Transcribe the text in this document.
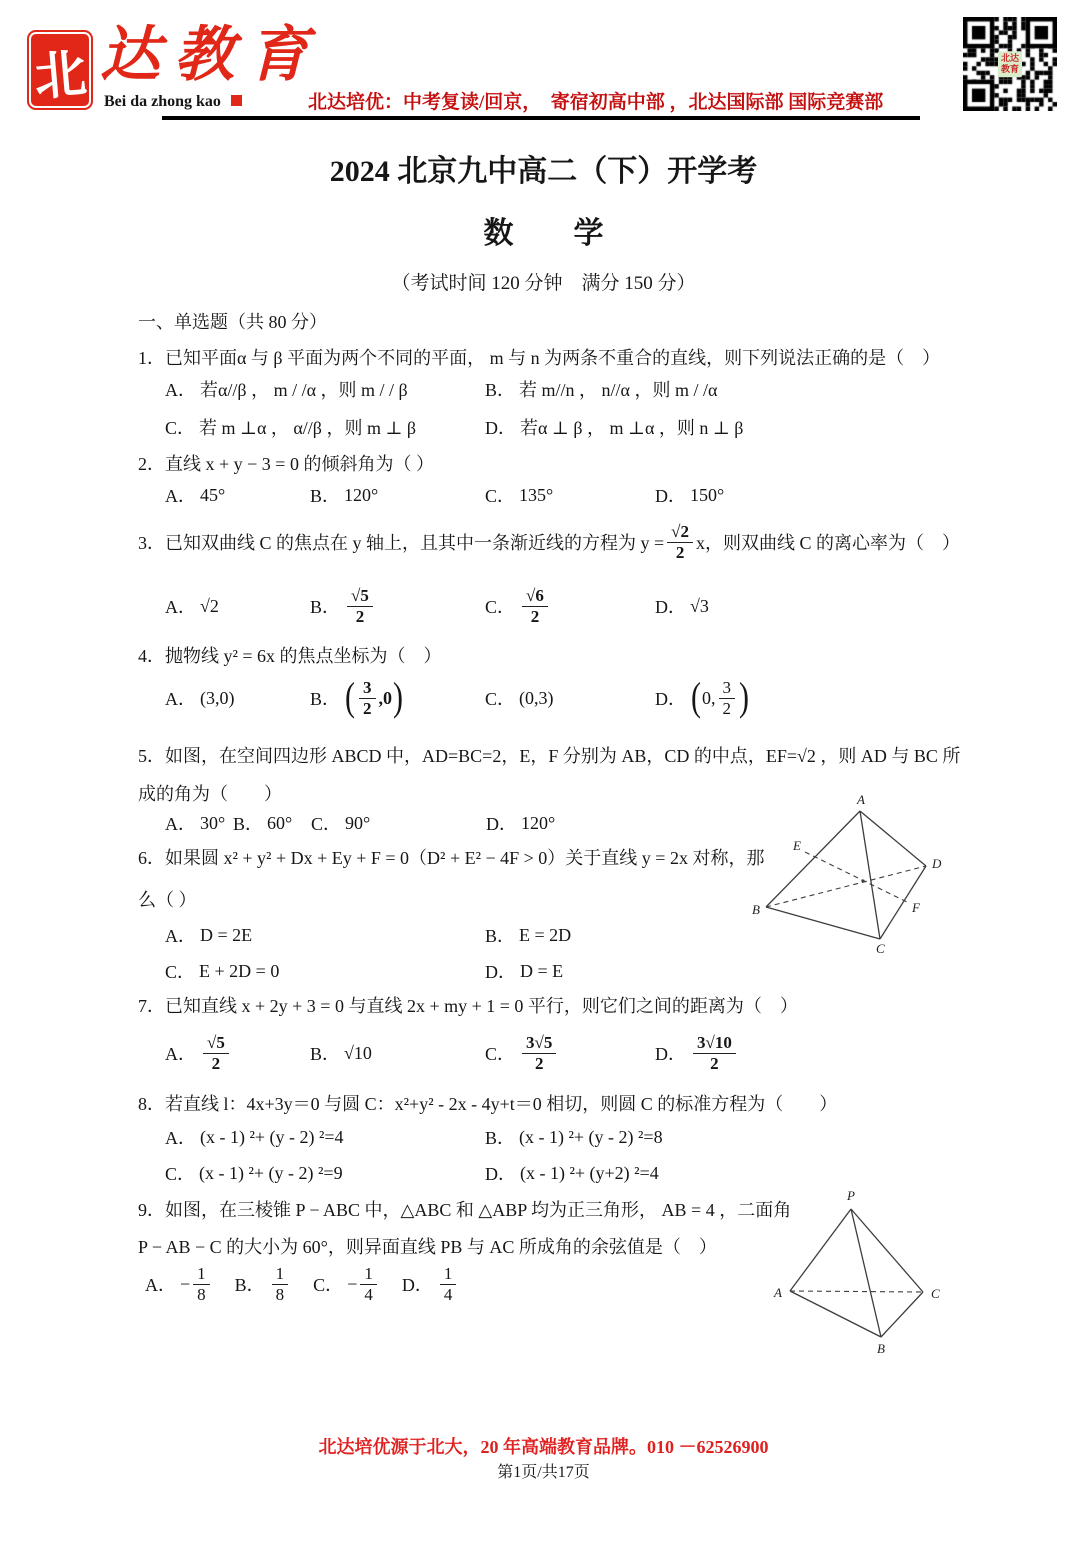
北 达教育
Bei da zhong kao	北达培优：中考复读/回京，　寄宿初高中部 ，北达国际部 国际竞赛部
北达
教育
2024 北京九中高二（下）开学考
数　　学
（考试时间 120 分钟　满分 150 分）
一、单选题（共 80 分）
1．已知平面α 与 β 平面为两个不同的平面， m 与 n 为两条不重合的直线，则下列说法正确的是（　）
A． 若α//β ， m / /α ，则 m / / β	B． 若 m//n ， n//α ，则 m / /α
C． 若 m ⊥α ， α//β ，则 m ⊥ β	D． 若α ⊥ β ， m ⊥α ，则 n ⊥ β
2．直线 x + y − 3 = 0 的倾斜角为（ ）
A． 45°	B． 120°	C． 135°	D． 150°
3．已知双曲线 C 的焦点在 y 轴上，且其中一条渐近线的方程为 $y = \frac{√2}{2}$ x，则双曲线 C 的离心率为（　）
A． √2	B． $\frac{√5}{2}$	C． $\frac{√6}{2}$	D． √3
4．抛物线 y² = 6x 的焦点坐标为（　）
A． (3,0)	B． ( $\frac{3}{2} ,0$ )	C． (0,3)	D． ( 0, $\frac{3}{2}$ )
5．如图，在空间四边形 ABCD 中，AD=BC=2，E，F 分别为 AB，CD 的中点，EF=√2 ，则 AD 与 BC 所
成的角为（　　）
A． 30° B． 60° C． 90°	D． 120°
6．如果圆 x² + y² + Dx + Ey + F = 0（D² + E² − 4F > 0）关于直线 y = 2x 对称，那
么（ ）
A． D = 2E	B． E = 2D
C． E + 2D = 0	D． D = E
A
B
C
D
E
F
7．已知直线 x + 2y + 3 = 0 与直线 2x + my + 1 = 0 平行，则它们之间的距离为（　）
A． $\frac{√5}{2}$	B． √10	C． $\frac{3√5}{2}$	D． $\frac{3√10}{2}$
8．若直线 l：4x+3y＝0 与圆 C：x²+y² - 2x - 4y+t＝0 相切，则圆 C 的标准方程为（　　）
A． (x - 1) ²+ (y - 2) ²=4	B． (x - 1) ²+ (y - 2) ²=8
C． (x - 1) ²+ (y - 2) ²=9	D． (x - 1) ²+ (y+2) ²=4
9．如图，在三棱锥 P − ABC 中，△ABC 和 △ABP 均为正三角形， AB = 4 ，二面角
P − AB − C 的大小为 60°，则异面直线 PB 与 AC 所成角的余弦值是（　）
A． − $\frac{1}{8}$ B． $\frac{1}{8}$ C． − $\frac{1}{4}$ D． $\frac{1}{4}$
P
A	C
B
北达培优源于北大，20 年高端教育品牌。010 －62526900
第1页/共17页
